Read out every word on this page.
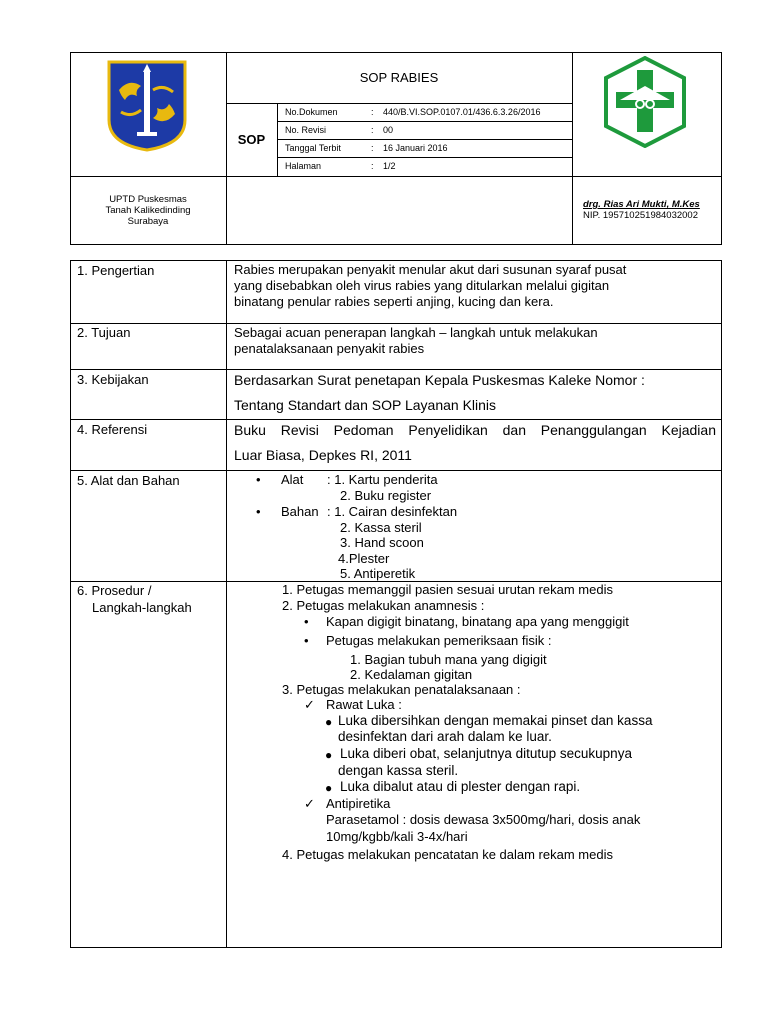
SOP RABIES
SOP
No.Dokumen	: 440/B.VI.SOP.0107.01/436.6.3.26/2016
No. Revisi	: 00
Tanggal Terbit	: 16 Januari 2016
Halaman	: 1/2
UPTD Puskesmas
Tanah Kalikedinding
Surabaya
drg. Rias Ari Mukti, M.Kes
NIP. 195710251984032002
1. Pengertian	Rabies merupakan penyakit menular akut dari susunan syaraf pusat
yang disebabkan oleh virus rabies yang ditularkan melalui gigitan
binatang penular rabies seperti anjing, kucing dan kera.
2. Tujuan	Sebagai acuan penerapan langkah – langkah untuk melakukan
penatalaksanaan penyakit rabies
3. Kebijakan	Berdasarkan Surat penetapan Kepala Puskesmas Kaleke Nomor :
Tentang Standart dan SOP Layanan Klinis
4. Referensi	Buku Revisi Pedoman Penyelidikan dan Penanggulangan Kejadian
Luar Biasa, Depkes RI, 2011
5. Alat dan Bahan	• Alat : 1. Kartu penderita
2. Buku register
• Bahan : 1. Cairan desinfektan
2. Kassa steril
3. Hand scoon
4.Plester
5. Antiperetik
6. Prosedur /
Langkah-langkah
1. Petugas memanggil pasien sesuai urutan rekam medis
2. Petugas melakukan anamnesis :
• Kapan digigit binatang, binatang apa yang menggigit
• Petugas melakukan pemeriksaan fisik :
1. Bagian tubuh mana yang digigit
2. Kedalaman gigitan
3. Petugas melakukan penatalaksanaan :
✓ Rawat Luka :
● Luka dibersihkan dengan memakai pinset dan kassa
desinfektan dari arah dalam ke luar.
● Luka diberi obat, selanjutnya ditutup secukupnya
dengan kassa steril.
● Luka dibalut atau di plester dengan rapi.
✓ Antipiretika
Parasetamol : dosis dewasa 3x500mg/hari, dosis anak
10mg/kgbb/kali 3-4x/hari
4. Petugas melakukan pencatatan ke dalam rekam medis
